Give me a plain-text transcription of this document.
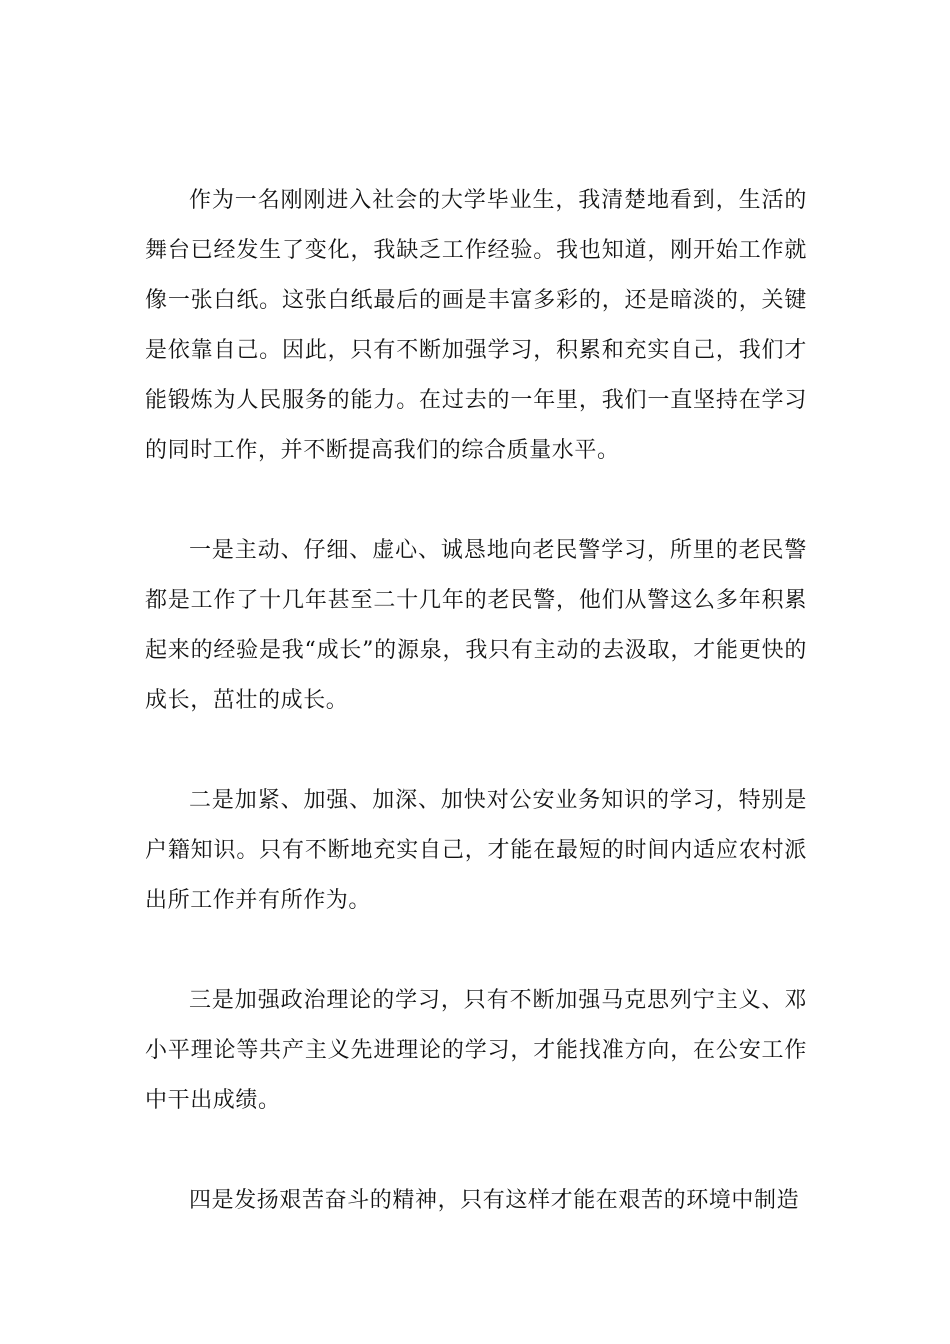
作为一名刚刚进入社会的大学毕业生，我清楚地看到，生活的舞台已经发生了变化，我缺乏工作经验。我也知道，刚开始工作就像一张白纸。这张白纸最后的画是丰富多彩的，还是暗淡的，关键是依靠自己。因此，只有不断加强学习，积累和充实自己，我们才能锻炼为人民服务的能力。在过去的一年里，我们一直坚持在学习的同时工作，并不断提高我们的综合质量水平。

一是主动、仔细、虚心、诚恳地向老民警学习，所里的老民警都是工作了十几年甚至二十几年的老民警，他们从警这么多年积累起来的经验是我“成长”的源泉，我只有主动的去汲取，才能更快的成长，茁壮的成长。

二是加紧、加强、加深、加快对公安业务知识的学习，特别是户籍知识。只有不断地充实自己，才能在最短的时间内适应农村派出所工作并有所作为。

三是加强政治理论的学习，只有不断加强马克思列宁主义、邓小平理论等共产主义先进理论的学习，才能找准方向，在公安工作中干出成绩。

四是发扬艰苦奋斗的精神，只有这样才能在艰苦的环境中制造
